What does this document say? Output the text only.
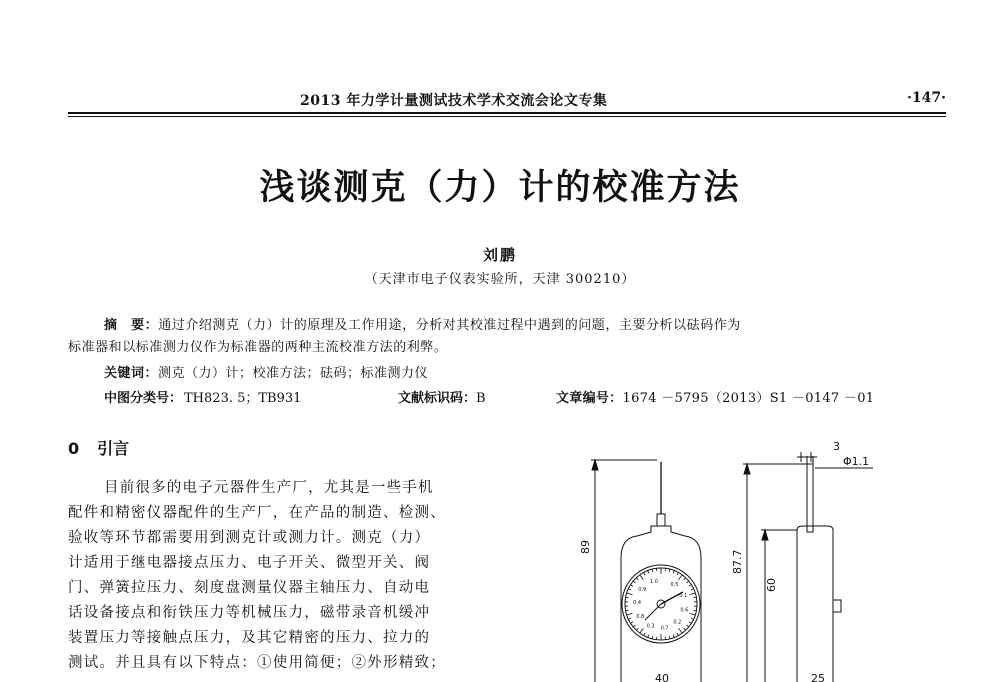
2013 年力学计量测试技术学术交流会论文专集	·147·
浅谈测克（力）计的校准方法
刘鹏
（天津市电子仪表实验所，天津 300210）
摘　要：通过介绍测克（力）计的原理及工作用途，分析对其校准过程中遇到的问题，主要分析以砝码作为
标准器和以标准测力仪作为标准器的两种主流校准方法的利弊。
关键词：测克（力）计；校准方法；砝码；标准测力仪
中图分类号： TH823. 5；TB931	文献标识码：B	文章编号：1674 －5795（2013）S1 －0147 －01
0 引言
目前很多的电子元器件生产厂，尤其是一些手机
配件和精密仪器配件的生产厂，在产品的制造、检测、
验收等环节都需要用到测克计或测力计。测克（力）
计适用于继电器接点压力、电子开关、微型开关、阀
门、弹簧拉压力、刻度盘测量仪器主轴压力、自动电
话设备接点和衔铁压力等机械压力，磁带录音机缓冲
装置压力等接触点压力，及其它精密的压力、拉力的
测试。并且具有以下特点：①使用简便；②外形精致；
0.5
0.1
0.6
0.2
0.7
0.3
0.8
0.4
0.9
1.0
89
87.7
60
3
Φ1.1
40	25
